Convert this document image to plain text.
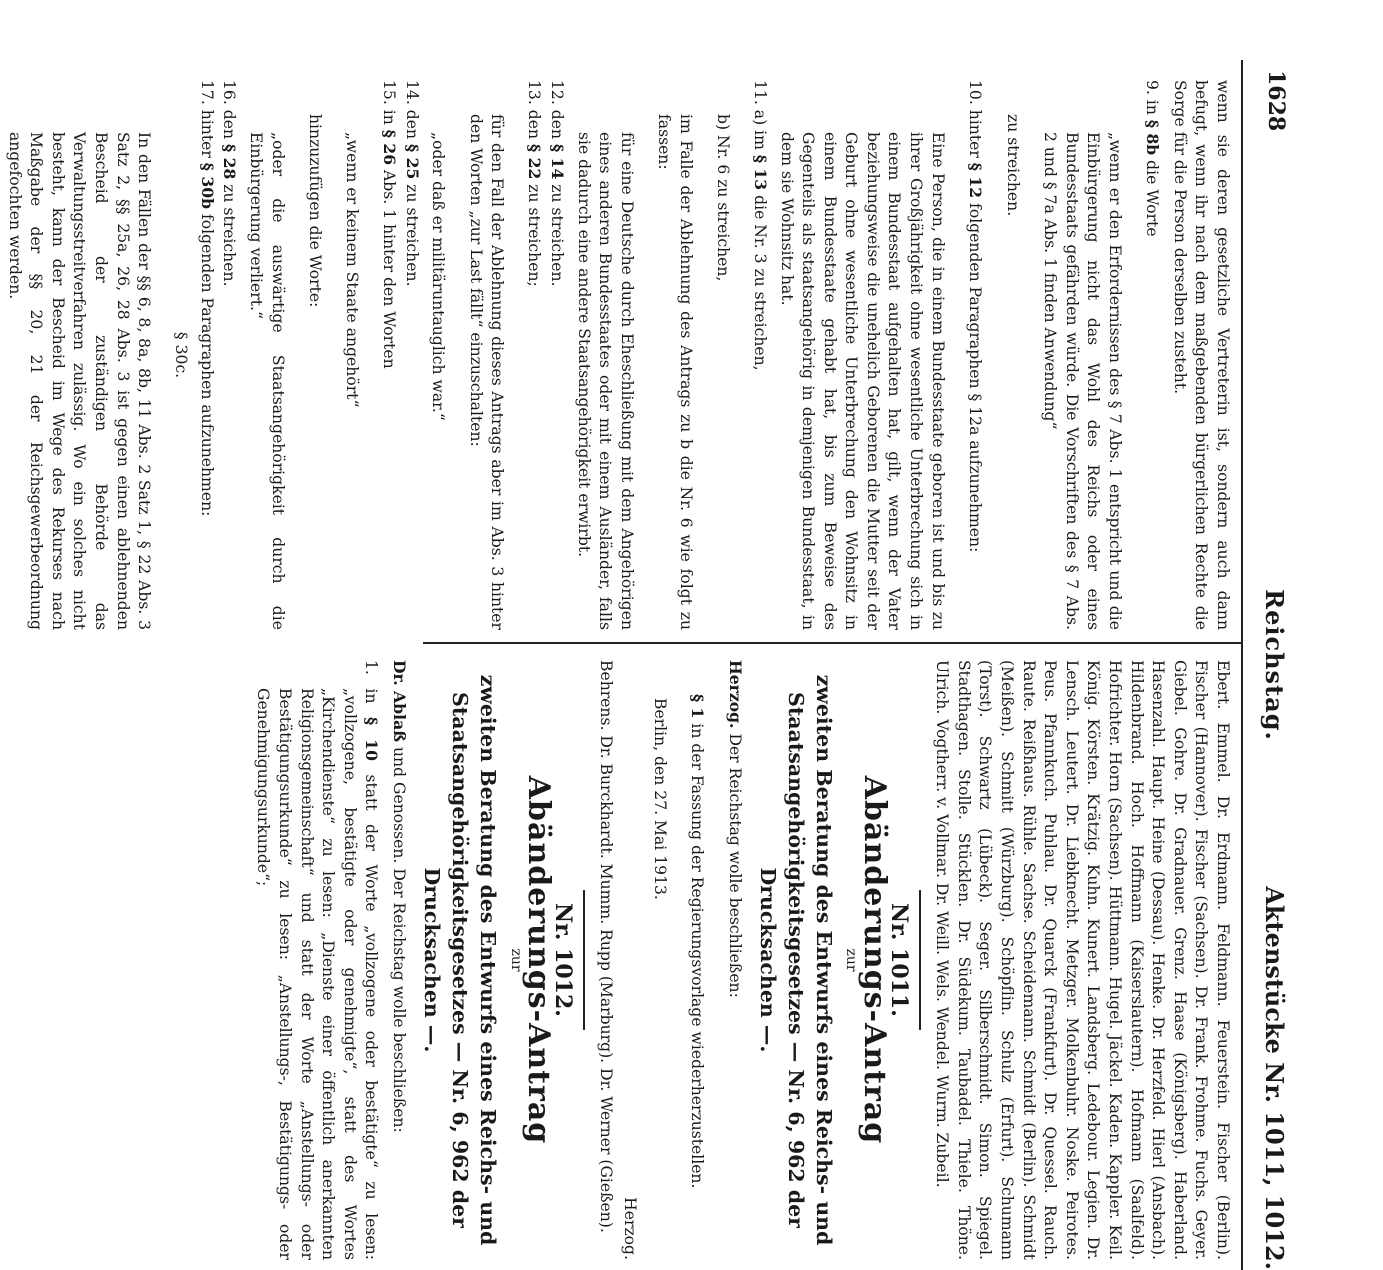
1628
Reichstag.
Aktenstücke Nr. 1011, 1012.

wenn sie deren gesetzliche Vertreterin ist, sondern auch dann befugt, wenn ihr nach dem maßgebenden bürgerlichen Rechte die Sorge für die Person derselben zusteht.

9. in § 8b die Worte

„wenn er den Erfordernissen des § 7 Abs. 1 entspricht und die Einbürgerung nicht das Wohl des Reichs oder eines Bundesstaats gefährden würde. Die Vorschriften des § 7 Abs. 2 und § 7a Abs. 1 finden Anwendung“

zu streichen.

10. hinter § 12 folgenden Paragraphen § 12a aufzunehmen:

Eine Person, die in einem Bundesstaate geboren ist und bis zu ihrer Großjährigkeit ohne wesentliche Unterbrechung sich in einem Bundesstaat aufgehalten hat, gilt, wenn der Vater beziehungsweise die unehelich Geborenen die Mutter seit der Geburt ohne wesentliche Unterbrechung den Wohnsitz in einem Bundesstaate gehabt hat, bis zum Beweise des Gegenteils als staatsangehörig in demjenigen Bundesstaat, in dem sie Wohnsitz hat.

11. a) im § 13 die Nr. 3 zu streichen,

b) Nr. 6 zu streichen,

im Falle der Ablehnung des Antrags zu b die Nr. 6 wie folgt zu fassen:

für eine Deutsche durch Eheschließung mit dem Angehörigen eines anderen Bundesstaates oder mit einem Ausländer, falls sie dadurch eine andere Staatsangehörigkeit erwirbt.

12. den § 14 zu streichen.

13. den § 22 zu streichen;

für den Fall der Ablehnung dieses Antrags aber im Abs. 3 hinter den Worten „zur Last fällt“ einzuschalten:

„oder daß er militäruntauglich war.“

14. den § 25 zu streichen.

15. in § 26 Abs. 1 hinter den Worten

„wenn er keinem Staate angehört“

hinzuzufügen die Worte:

„oder die auswärtige Staatsangehörigkeit durch die Einbürgerung verliert.“

16. den § 28 zu streichen.

17. hinter § 30b folgenden Paragraphen aufzunehmen:

§ 30c.

In den Fällen der §§ 6, 8, 8a, 8b, 11 Abs. 2 Satz 1, § 22 Abs. 3 Satz 2, §§ 25a, 26, 28 Abs. 3 ist gegen einen ablehnenden Bescheid der zuständigen Behörde das Verwaltungsstreitverfahren zulässig. Wo ein solches nicht besteht, kann der Bescheid im Wege des Rekurses nach Maßgabe der §§ 20, 21 der Reichsgewerbeordnung angefochten werden.

Ebert. Emmel. Dr. Erdmann. Feldmann. Feuerstein. Fischer (Berlin). Fischer (Hannover). Fischer (Sachsen). Dr. Frank. Frohme. Fuchs. Geyer. Giebel. Gohre. Dr. Gradnauer. Grenz. Haase (Königsberg). Haberland. Hasenzahl. Haupt. Heine (Dessau). Henke. Dr. Herzfeld. Hierl (Ansbach). Hildenbrand. Hoch. Hoffmann (Kaiserslautern). Hofmann (Saalfeld). Hofrichter. Horn (Sachsen). Hüttmann. Hugel. Jäckel. Kaden. Kappler. Keil. König. Körsten. Krätzig. Kuhn. Kunert. Landsberg. Ledebour. Legien. Dr. Lensch. Leutert. Dr. Liebknecht. Metzger. Molkenbuhr. Noske. Peirotes. Peus. Pfannkuch. Puhlau. Dr. Quarck (Frankfurt). Dr. Quessel. Rauch. Raute. Reißhaus. Rühle. Sachse. Scheidemann. Schmidt (Berlin). Schmidt (Meißen). Schmitt (Würzburg). Schöpflin. Schulz (Erfurt). Schumann (Torst). Schwartz (Lübeck). Seger. Silberschmidt. Simon. Spiegel. Stadthagen. Stolle. Stücklen. Dr. Südekum. Taubadel. Thiele. Thöne. Ulrich. Vogtherr. v. Vollmar. Dr. Weill. Wels. Wendel. Wurm. Zubeil.

Nr. 1011.
Abänderungs-Antrag
zur
zweiten Beratung des Entwurfs eines Reichs- und Staatsangehörigkeitsgesetzes — Nr. 6, 962 der Drucksachen —.

Herzog. Der Reichstag wolle beschließen:

§ 1 in der Fassung der Regierungsvorlage wiederherzustellen.

Berlin, den 27. Mai 1913.

Herzog.

Behrens. Dr. Burckhardt. Mumm. Rupp (Marburg). Dr. Werner (Gießen).

Nr. 1012.
Abänderungs-Antrag
zur
zweiten Beratung des Entwurfs eines Reichs- und Staatsangehörigkeitsgesetzes — Nr. 6, 962 der Drucksachen —.

Dr. Ablaß und Genossen. Der Reichstag wolle beschließen:

1. in § 10 statt der Worte „vollzogene oder bestätigte“ zu lesen: „vollzogene, bestätigte oder genehmigte“, statt des Wortes „Kirchendienste“ zu lesen: „Dienste einer öffentlich anerkannten Religionsgemeinschaft“ und statt der Worte „Anstellungs- oder Bestätigungsurkunde“ zu lesen: „Anstellungs-, Bestätigungs- oder Genehmigungsurkunde“;
